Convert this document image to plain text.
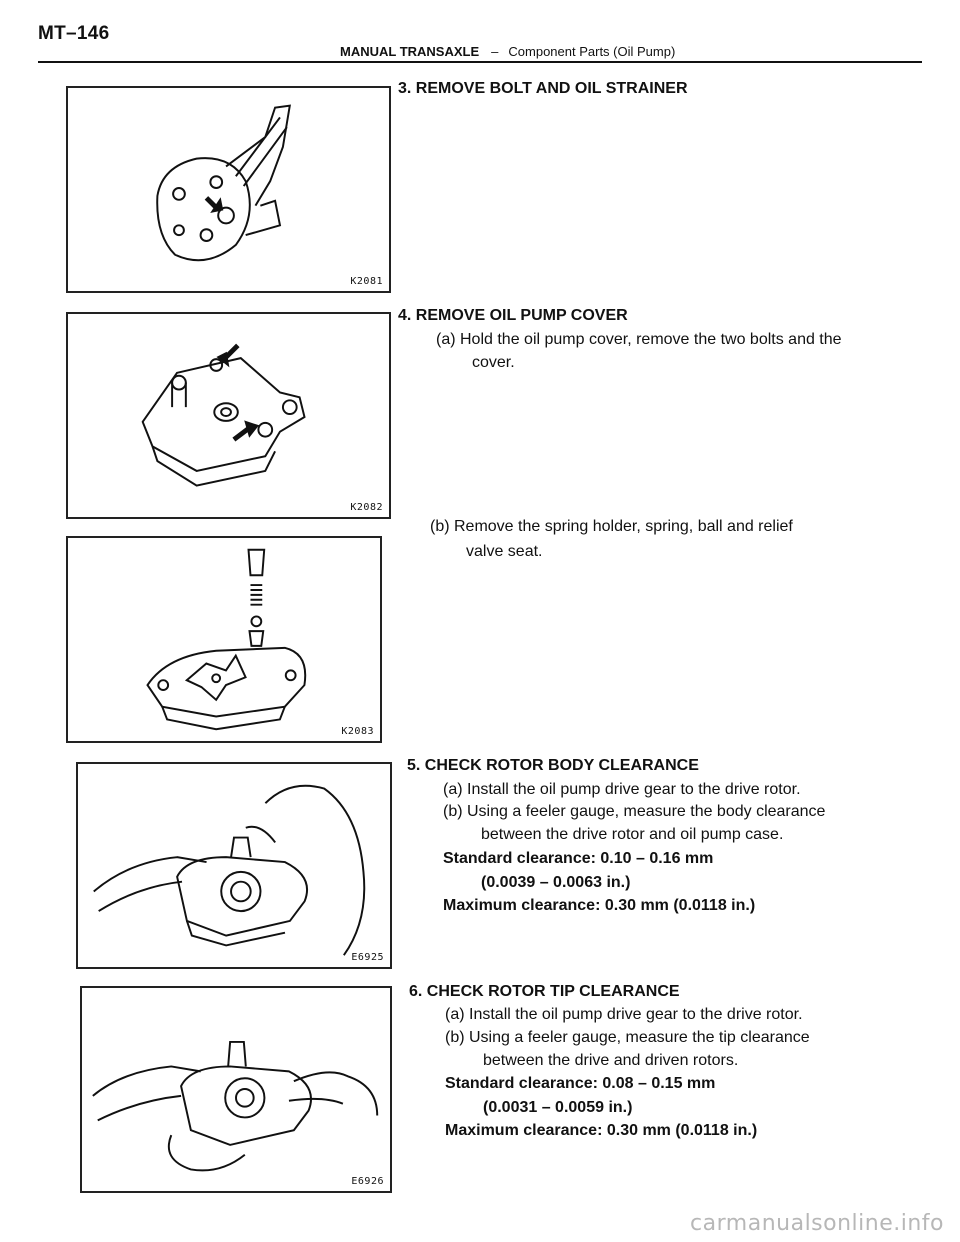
MT–146
MANUAL TRANSAXLE – Component Parts (Oil Pump)
K2081
K2082
K2083
E6925
E6926
3. REMOVE BOLT AND OIL STRAINER
4. REMOVE OIL PUMP COVER
(a) Hold the oil pump cover, remove the two bolts and the
cover.
(b) Remove the spring holder, spring, ball and relief
valve seat.
5. CHECK ROTOR BODY CLEARANCE
(a) Install the oil pump drive gear to the drive rotor.
(b) Using a feeler gauge, measure the body clearance
between the drive rotor and oil pump case.
Standard clearance: 0.10 – 0.16 mm
(0.0039 – 0.0063 in.)
Maximum clearance: 0.30 mm (0.0118 in.)
6. CHECK ROTOR TIP CLEARANCE
(a) Install the oil pump drive gear to the drive rotor.
(b) Using a feeler gauge, measure the tip clearance
between the drive and driven rotors.
Standard clearance: 0.08 – 0.15 mm
(0.0031 – 0.0059 in.)
Maximum clearance: 0.30 mm (0.0118 in.)
carmanualsonline.info
